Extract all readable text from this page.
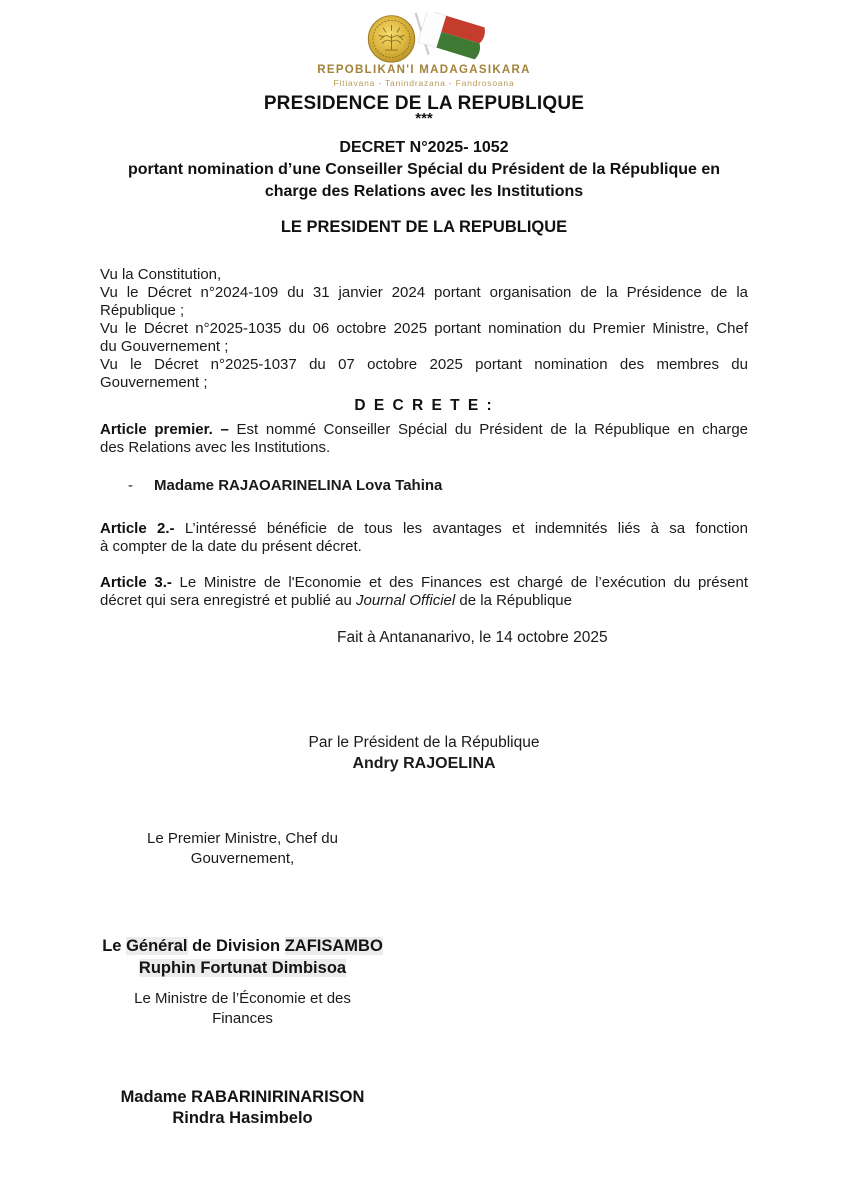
REPOBLIKAN'I MADAGASIKARA
Fitiavana - Tanindrazana - Fandrosoana
PRESIDENCE DE LA REPUBLIQUE
***
DECRET N°2025- 1052
portant nomination d’une Conseiller Spécial du Président de la République en
charge des Relations avec les Institutions
LE PRESIDENT DE LA REPUBLIQUE
Vu la Constitution,
Vu le Décret n°2024-109 du 31 janvier 2024 portant organisation de la Présidence de la
République ;
Vu le Décret n°2025-1035 du 06 octobre 2025 portant nomination du Premier Ministre, Chef
du Gouvernement ;
Vu le Décret n°2025-1037 du 07 octobre 2025 portant nomination des membres du
Gouvernement ;
D E C R E T E :
Article premier. – Est nommé Conseiller Spécial du Président de la République en charge
des Relations avec les Institutions.
- Madame RAJAOARINELINA Lova Tahina
Article 2.- L’intéressé bénéficie de tous les avantages et indemnités liés à sa fonction
à compter de la date du présent décret.
Article 3.- Le Ministre de l'Economie et des Finances est chargé de l’exécution du présent
décret qui sera enregistré et publié au Journal Officiel de la République
Fait à Antananarivo, le 14 octobre 2025
Par le Président de la République
Andry RAJOELINA
Le Premier Ministre, Chef du
Gouvernement,
Le Général de Division ZAFISAMBO
Ruphin Fortunat Dimbisoa
Le Ministre de l’Économie et des
Finances
Madame RABARINIRINARISON
Rindra Hasimbelo
